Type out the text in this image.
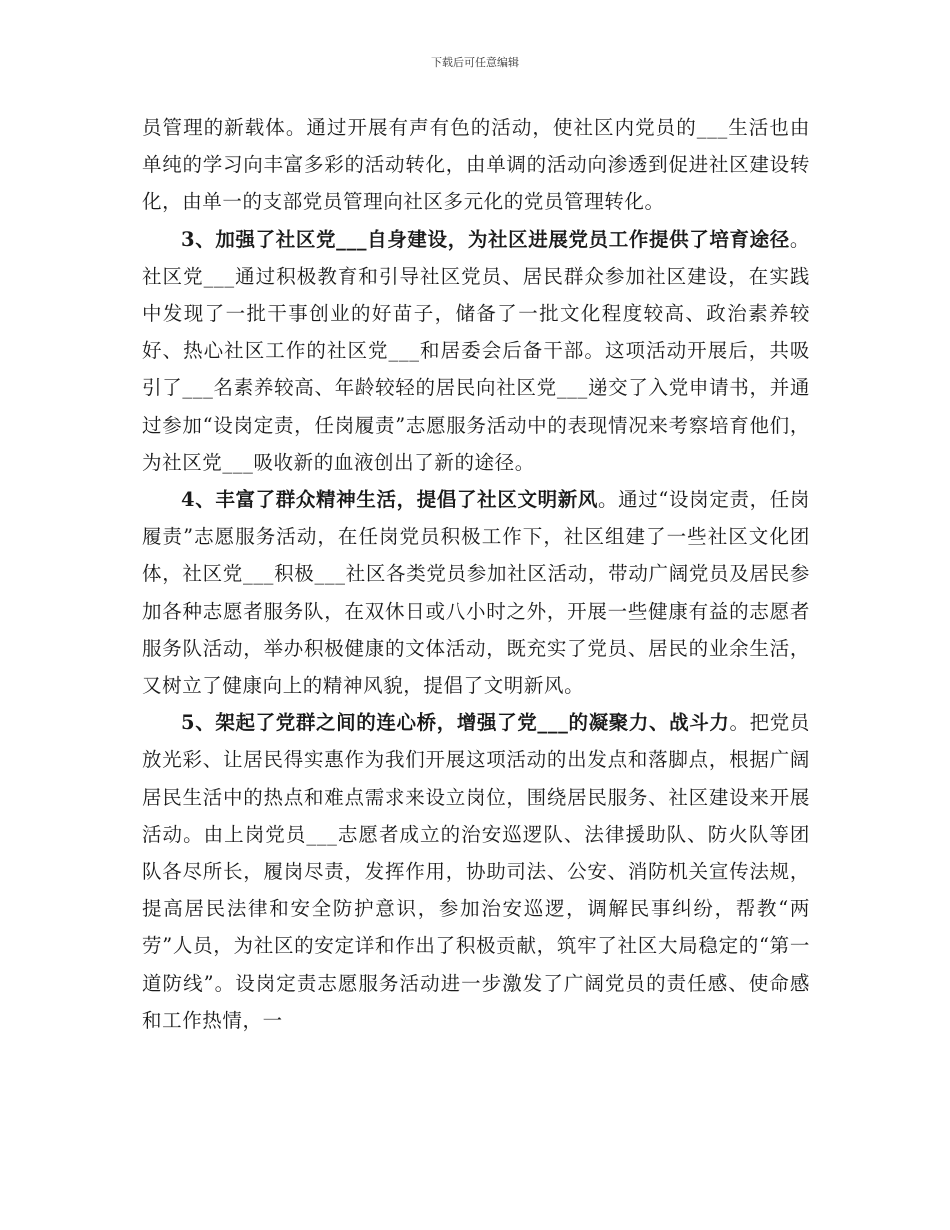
下载后可任意编辑

员管理的新载体。通过开展有声有色的活动，使社区内党员的___生活也由单纯的学习向丰富多彩的活动转化，由单调的活动向渗透到促进社区建设转化，由单一的支部党员管理向社区多元化的党员管理转化。

3、加强了社区党___自身建设，为社区进展党员工作提供了培育途径。社区党___通过积极教育和引导社区党员、居民群众参加社区建设，在实践中发现了一批干事创业的好苗子，储备了一批文化程度较高、政治素养较好、热心社区工作的社区党___和居委会后备干部。这项活动开展后，共吸引了___名素养较高、年龄较轻的居民向社区党___递交了入党申请书，并通过参加“设岗定责，任岗履责”志愿服务活动中的表现情况来考察培育他们，为社区党___吸收新的血液创出了新的途径。

4、丰富了群众精神生活，提倡了社区文明新风。通过“设岗定责，任岗履责”志愿服务活动，在任岗党员积极工作下，社区组建了一些社区文化团体，社区党___积极___社区各类党员参加社区活动，带动广阔党员及居民参加各种志愿者服务队，在双休日或八小时之外，开展一些健康有益的志愿者服务队活动，举办积极健康的文体活动，既充实了党员、居民的业余生活，又树立了健康向上的精神风貌，提倡了文明新风。

5、架起了党群之间的连心桥，增强了党___的凝聚力、战斗力。把党员放光彩、让居民得实惠作为我们开展这项活动的出发点和落脚点，根据广阔居民生活中的热点和难点需求来设立岗位，围绕居民服务、社区建设来开展活动。由上岗党员___志愿者成立的治安巡逻队、法律援助队、防火队等团队各尽所长，履岗尽责，发挥作用，协助司法、公安、消防机关宣传法规，提高居民法律和安全防护意识，参加治安巡逻，调解民事纠纷，帮教“两劳”人员，为社区的安定详和作出了积极贡献，筑牢了社区大局稳定的“第一道防线”。设岗定责志愿服务活动进一步激发了广阔党员的责任感、使命感和工作热情，一
